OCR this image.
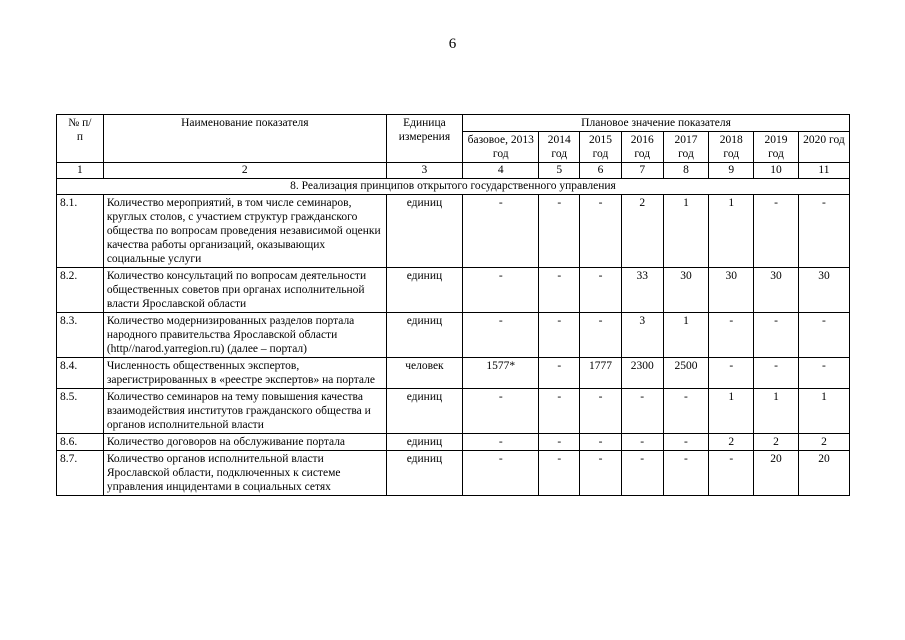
6
№ п/п	Наименование показателя	Единица измерения	Плановое значение показателя							
			базовое, 2013 год	2014 год	2015 год	2016 год	2017 год	2018 год	2019 год	2020 год
1	2	3	4	5	6	7	8	9	10	11
8. Реализация принципов открытого государственного управления										
8.1.	Количество мероприятий, в том числе семинаров, круглых столов, с участием структур гражданского общества по вопросам проведения независимой оценки качества работы организаций, оказывающих социальные услуги	единиц	-	-	-	2	1	1	-	-
8.2.	Количество консультаций по вопросам деятельности общественных советов при органах исполнительной власти Ярославской области	единиц	-	-	-	33	30	30	30	30
8.3.	Количество модернизированных разделов портала народного правительства Ярославской области (http//narod.yarregion.ru) (далее – портал)	единиц	-	-	-	3	1	-	-	-
8.4.	Численность общественных экспертов, зарегистрированных в «реестре экспертов» на портале	человек	1577*	-	1777	2300	2500	-	-	-
8.5.	Количество семинаров на тему повышения качества взаимодействия институтов гражданского общества и органов исполнительной власти	единиц	-	-	-	-	-	1	1	1
8.6.	Количество договоров на обслуживание портала	единиц	-	-	-	-	-	2	2	2
8.7.	Количество органов исполнительной власти Ярославской области, подключенных к системе управления инцидентами в социальных сетях	единиц	-	-	-	-	-	-	20	20
